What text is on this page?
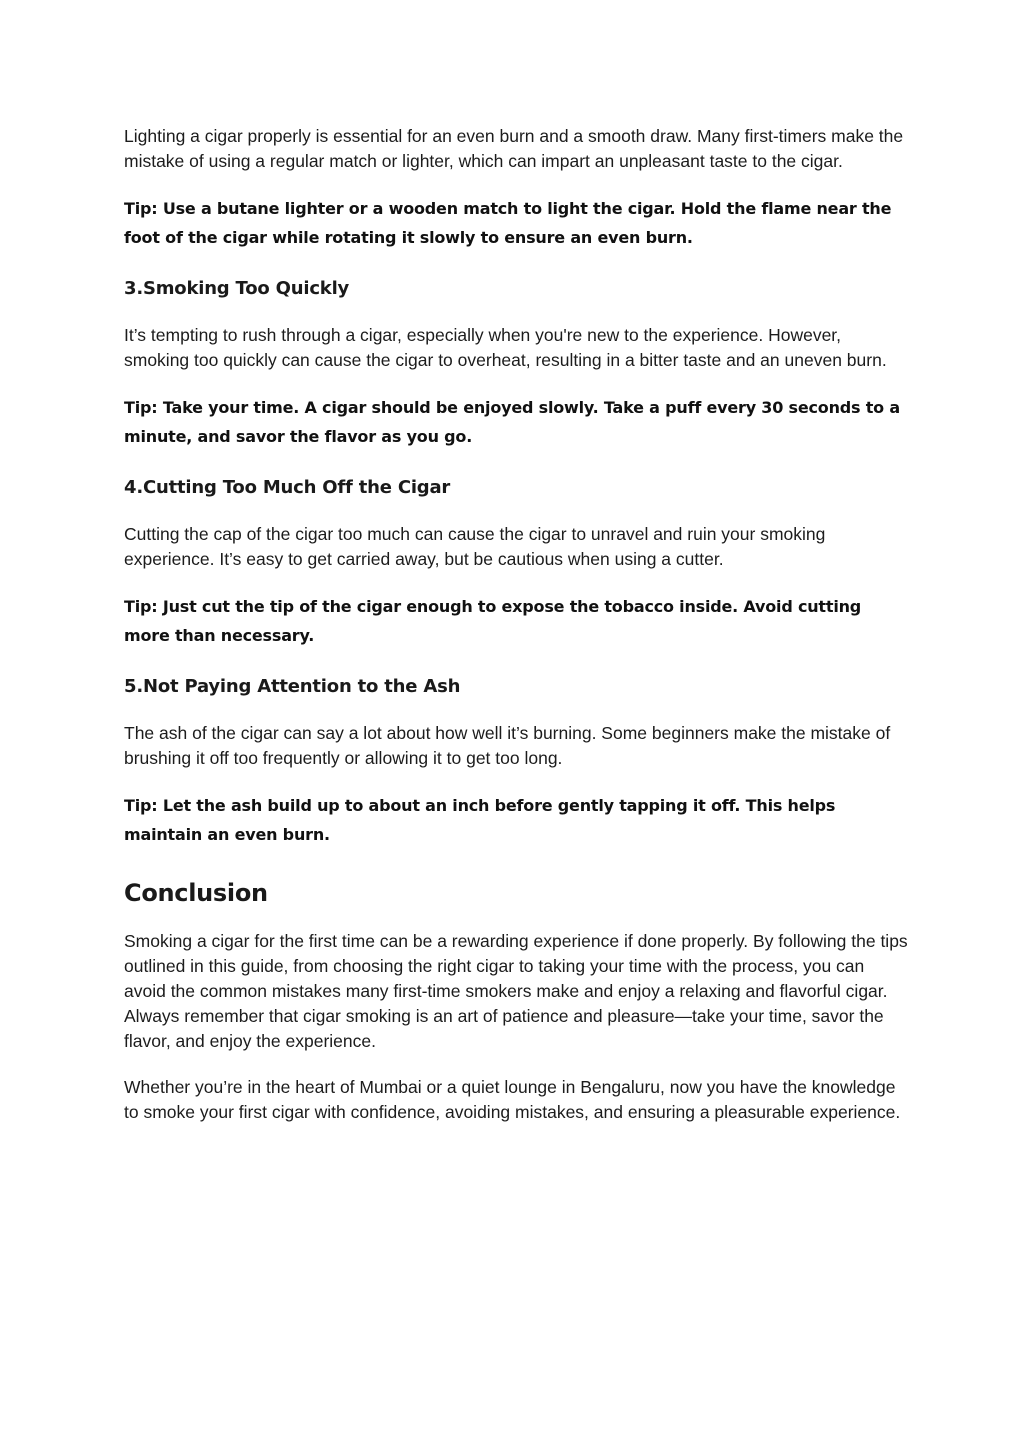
Lighting a cigar properly is essential for an even burn and a smooth draw. Many first-timers make the mistake of using a regular match or lighter, which can impart an unpleasant taste to the cigar.

Tip: Use a butane lighter or a wooden match to light the cigar. Hold the flame near the foot of the cigar while rotating it slowly to ensure an even burn.

3.Smoking Too Quickly

It’s tempting to rush through a cigar, especially when you're new to the experience. However, smoking too quickly can cause the cigar to overheat, resulting in a bitter taste and an uneven burn.

Tip: Take your time. A cigar should be enjoyed slowly. Take a puff every 30 seconds to a minute, and savor the flavor as you go.

4.Cutting Too Much Off the Cigar

Cutting the cap of the cigar too much can cause the cigar to unravel and ruin your smoking experience. It’s easy to get carried away, but be cautious when using a cutter.

Tip: Just cut the tip of the cigar enough to expose the tobacco inside. Avoid cutting more than necessary.

5.Not Paying Attention to the Ash

The ash of the cigar can say a lot about how well it’s burning. Some beginners make the mistake of brushing it off too frequently or allowing it to get too long.

Tip: Let the ash build up to about an inch before gently tapping it off. This helps maintain an even burn.

Conclusion

Smoking a cigar for the first time can be a rewarding experience if done properly. By following the tips outlined in this guide, from choosing the right cigar to taking your time with the process, you can avoid the common mistakes many first-time smokers make and enjoy a relaxing and flavorful cigar. Always remember that cigar smoking is an art of patience and pleasure—take your time, savor the flavor, and enjoy the experience.

Whether you’re in the heart of Mumbai or a quiet lounge in Bengaluru, now you have the knowledge to smoke your first cigar with confidence, avoiding mistakes, and ensuring a pleasurable experience.
